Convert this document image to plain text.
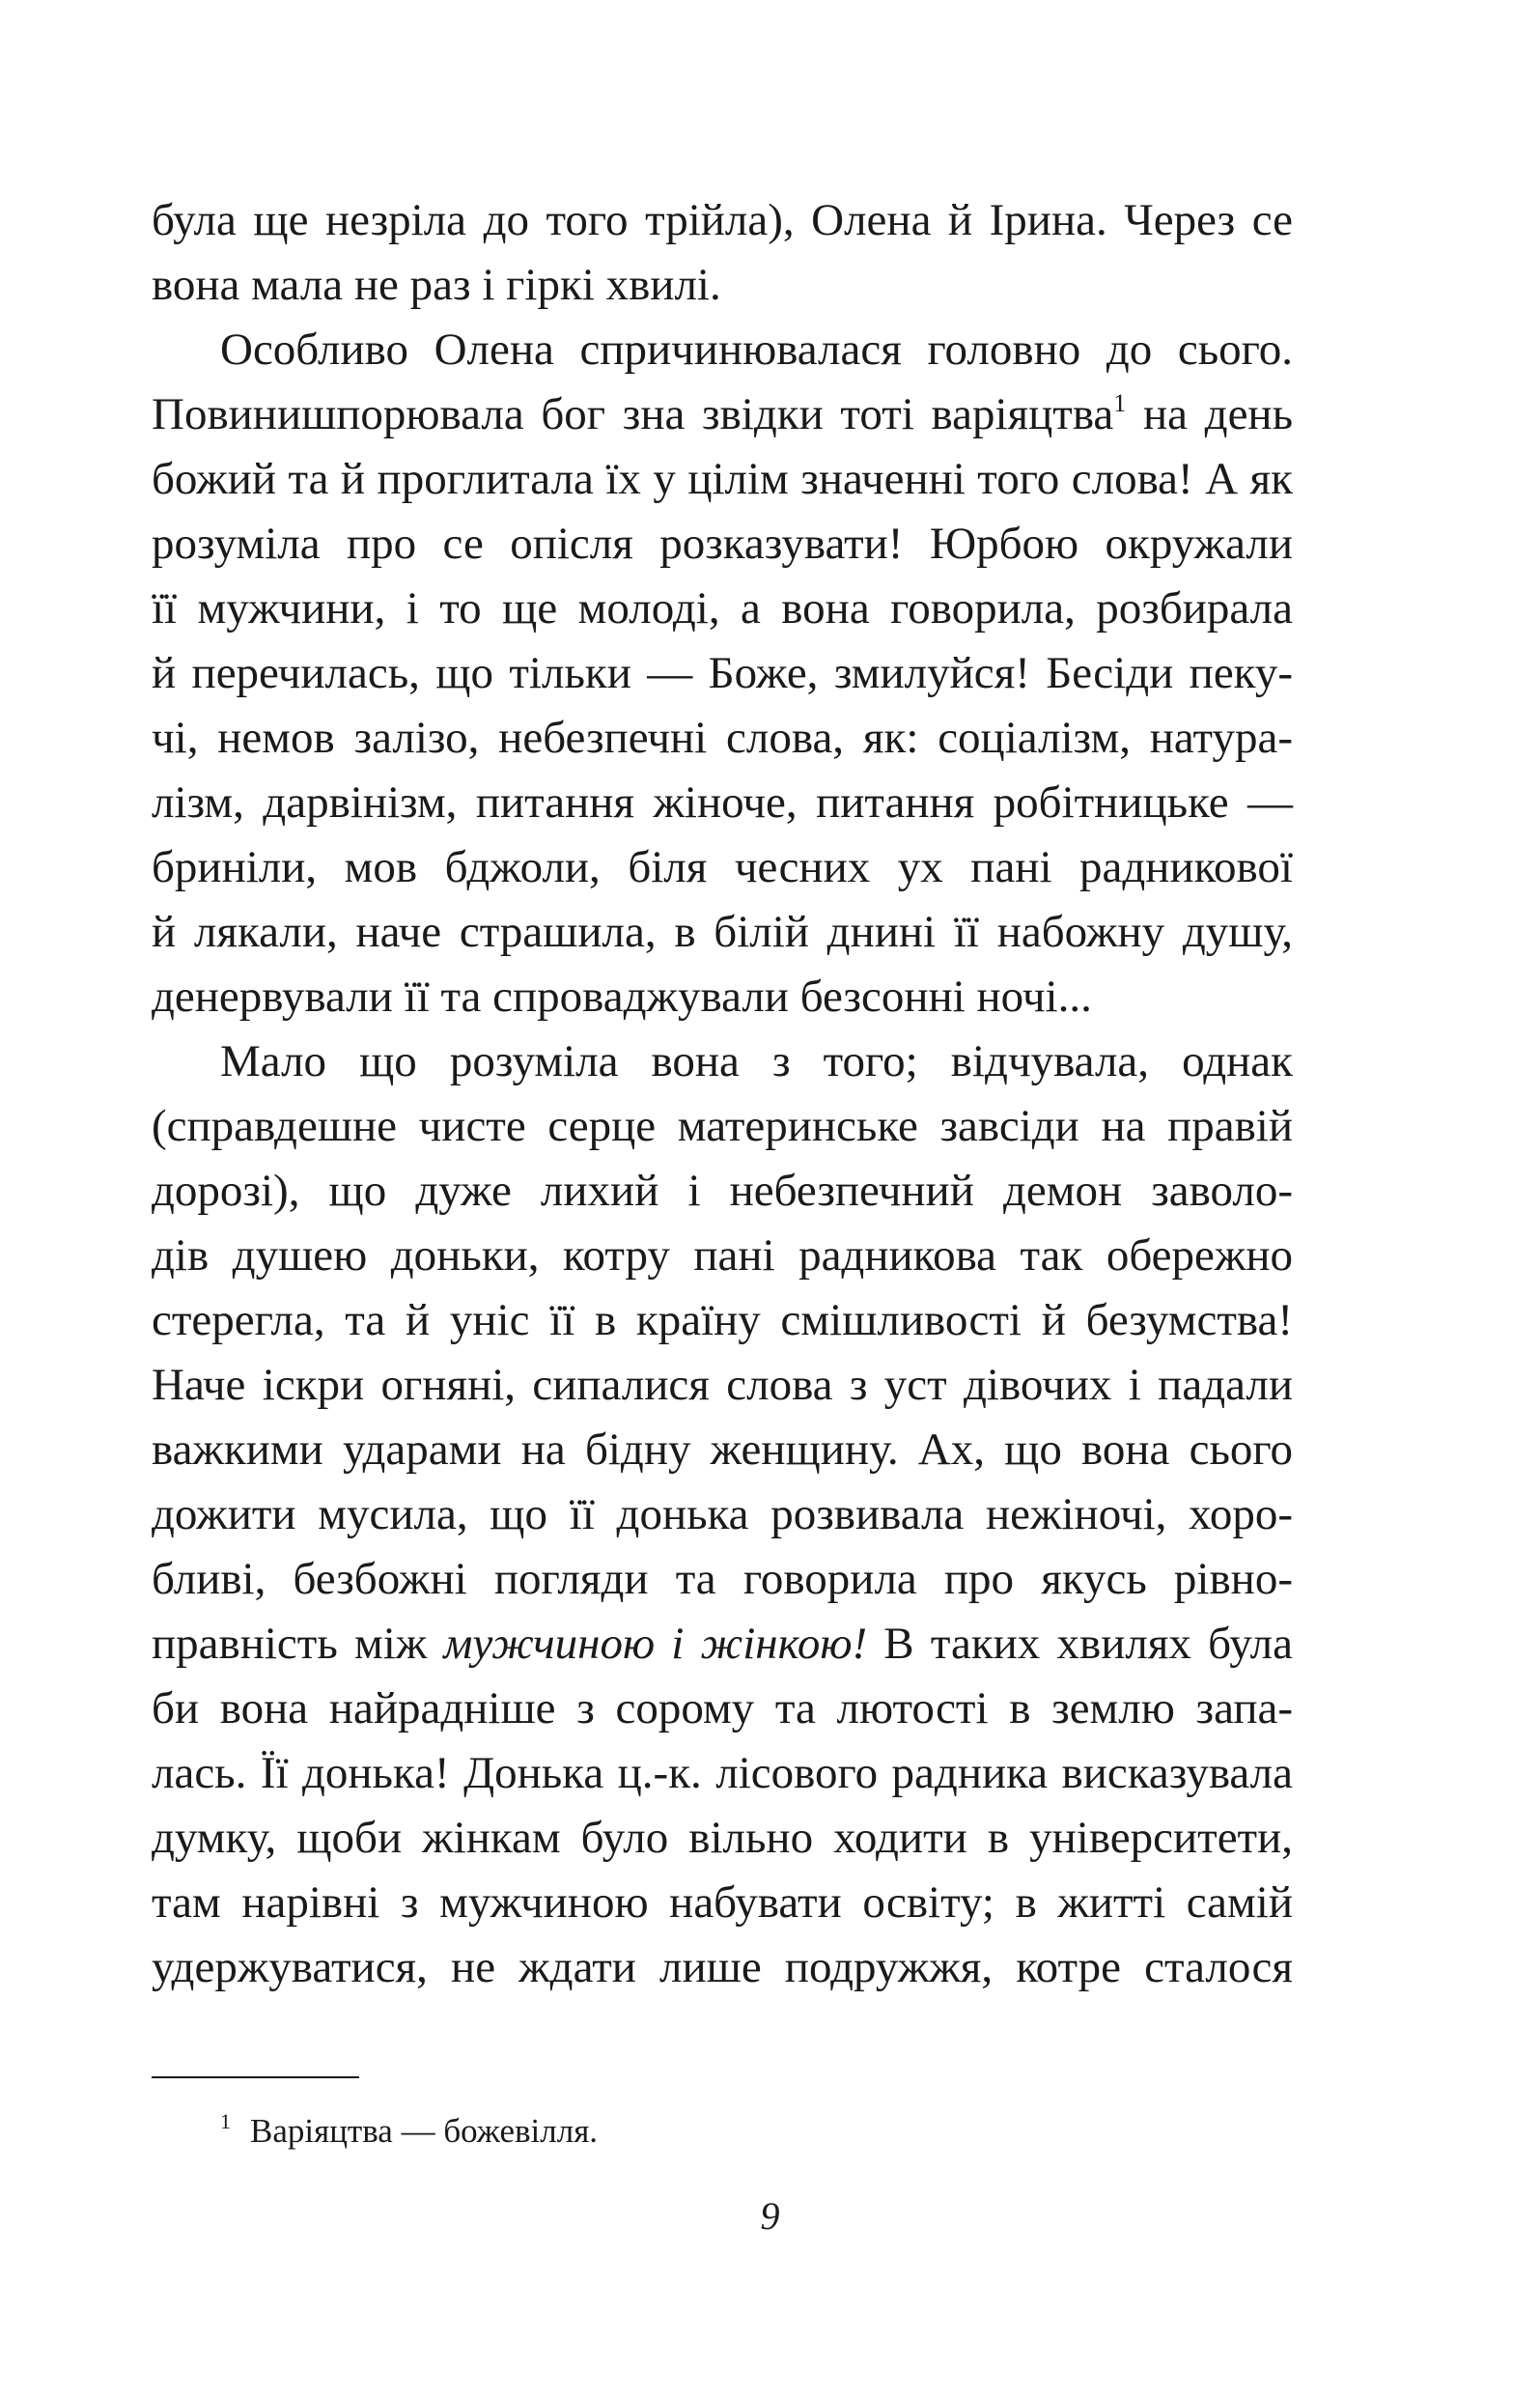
була ще незріла до того трійла), Олена й Ірина. Через се
вона мала не раз і гіркі хвилі.
Особливо Олена спричинювалася головно до сього.
Повинишпорювала бог зна звідки тоті варіяцтва$^1$ на день
божий та й проглитала їх у цілім значенні того слова! А як
розуміла про се опісля розказувати! Юрбою окружали
її мужчини, і то ще молоді, а вона говорила, розбирала
й перечилась, що тільки — Боже, змилуйся! Бесіди пеку-
чі, немов залізо, небезпечні слова, як: соціалізм, натура-
лізм, дарвінізм, питання жіноче, питання робітницьке —
бриніли, мов бджоли, біля чесних ух пані радникової
й лякали, наче страшила, в білій днині її набожну душу,
денервували її та спроваджували безсонні ночі...
Мало що розуміла вона з того; відчувала, однак
(справдешне чисте серце материнське завсіди на правій
дорозі), що дуже лихий і небезпечний демон заволо-
дів душею доньки, котру пані радникова так обережно
стерегла, та й уніс її в країну смішливості й безумства!
Наче іскри огняні, сипалися слова з уст дівочих і падали
важкими ударами на бідну женщину. Ах, що вона сього
дожити мусила, що її донька розвивала нежіночі, хоро-
бливі, безбожні погляди та говорила про якусь рівно-
правність між мужчиною і жінкою! В таких хвилях була
би вона найрадніше з сорому та лютості в землю запа-
лась. Її донька! Донька ц.-к. лісового радника висказувала
думку, щоби жінкам було вільно ходити в університети,
там нарівні з мужчиною набувати освіту; в житті самій
удержуватися, не ждати лише подружжя, котре сталося
$^1$ Варіяцтва — божевілля.
9
